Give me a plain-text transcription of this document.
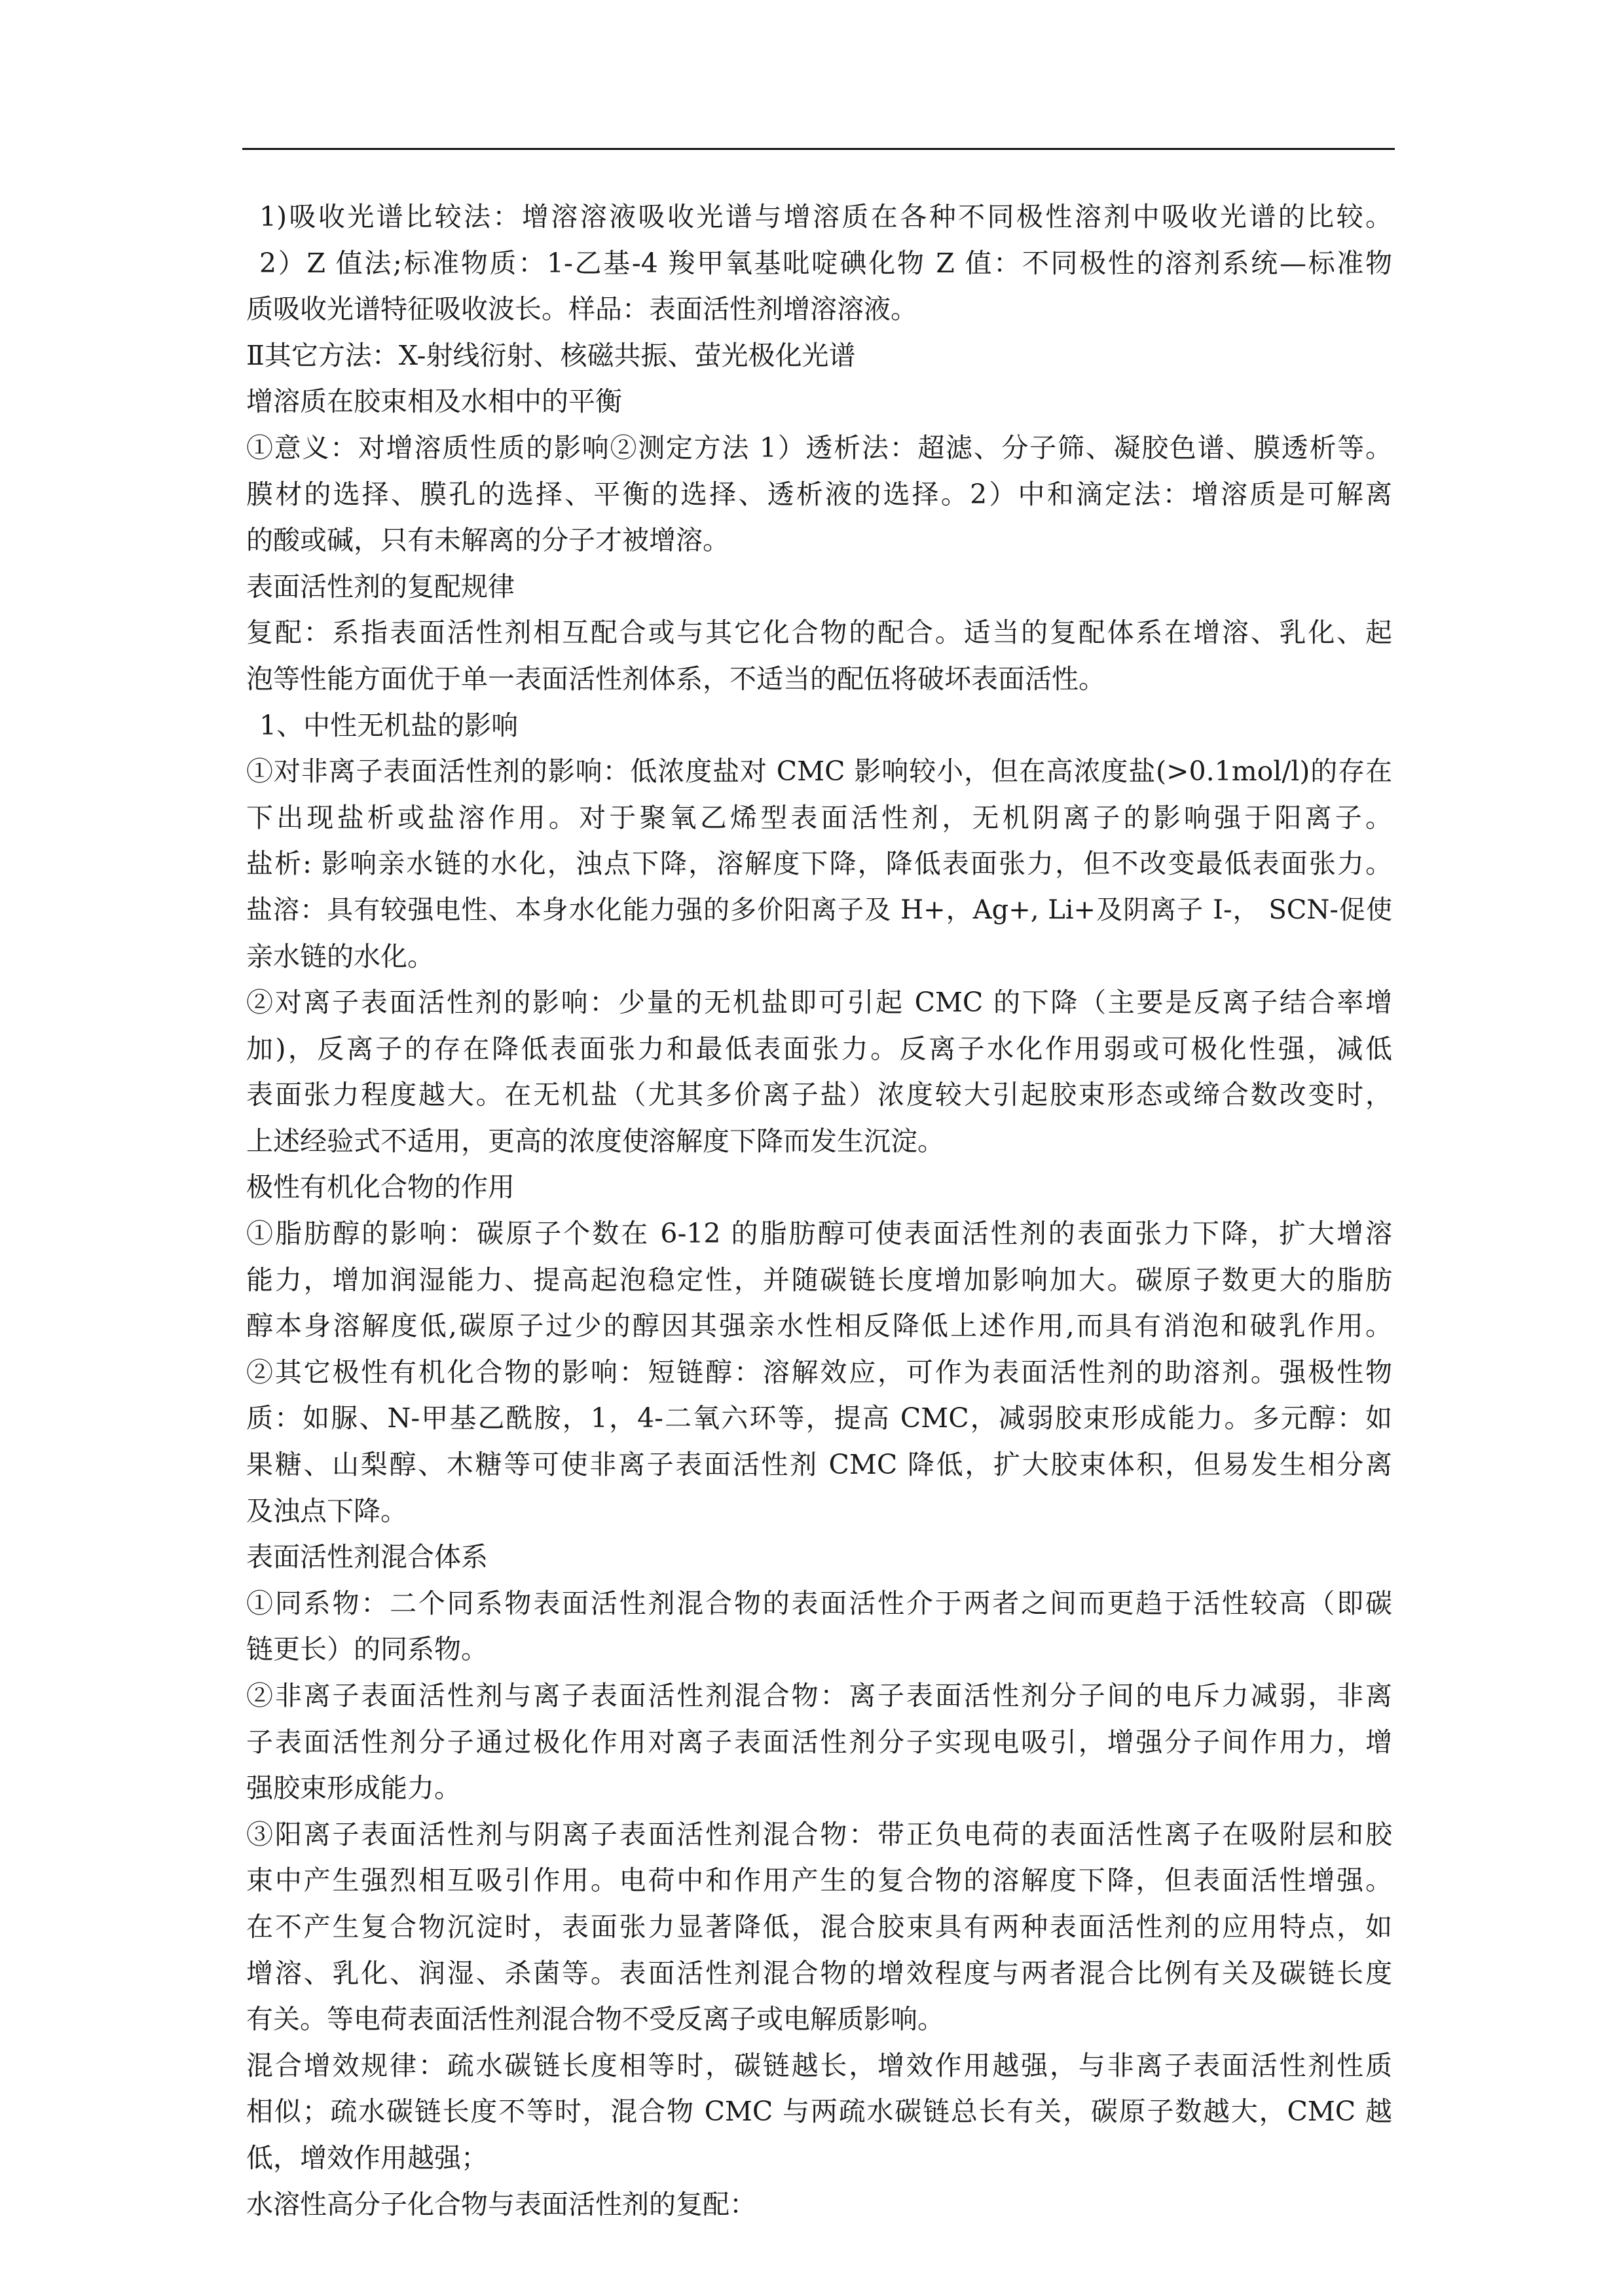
1)吸收光谱比较法：增溶溶液吸收光谱与增溶质在各种不同极性溶剂中吸收光谱的比较。
2）Z 值法;标准物质：1-乙基-4 羧甲氧基吡啶碘化物 Z 值：不同极性的溶剂系统—标准物
质吸收光谱特征吸收波长。样品：表面活性剂增溶溶液。
Ⅱ其它方法：X-射线衍射、核磁共振、萤光极化光谱
增溶质在胶束相及水相中的平衡
①意义：对增溶质性质的影响②测定方法 1）透析法：超滤、分子筛、凝胶色谱、膜透析等。
膜材的选择、膜孔的选择、平衡的选择、透析液的选择。2）中和滴定法：增溶质是可解离
的酸或碱，只有未解离的分子才被增溶。
表面活性剂的复配规律
复配：系指表面活性剂相互配合或与其它化合物的配合。适当的复配体系在增溶、乳化、起
泡等性能方面优于单一表面活性剂体系，不适当的配伍将破坏表面活性。
1、中性无机盐的影响
①对非离子表面活性剂的影响：低浓度盐对 CMC 影响较小，但在高浓度盐(>0.1mol/l)的存在
下出现盐析或盐溶作用。对于聚氧乙烯型表面活性剂，无机阴离子的影响强于阳离子。
盐析: 影响亲水链的水化，浊点下降，溶解度下降，降低表面张力，但不改变最低表面张力。
盐溶：具有较强电性、本身水化能力强的多价阳离子及 H+，Ag+, Li+及阴离子 I-， SCN-促使
亲水链的水化。
②对离子表面活性剂的影响：少量的无机盐即可引起 CMC 的下降（主要是反离子结合率增
加)，反离子的存在降低表面张力和最低表面张力。反离子水化作用弱或可极化性强，减低
表面张力程度越大。在无机盐（尤其多价离子盐）浓度较大引起胶束形态或缔合数改变时，
上述经验式不适用，更高的浓度使溶解度下降而发生沉淀。
极性有机化合物的作用
①脂肪醇的影响：碳原子个数在 6-12 的脂肪醇可使表面活性剂的表面张力下降，扩大增溶
能力，增加润湿能力、提高起泡稳定性，并随碳链长度增加影响加大。碳原子数更大的脂肪
醇本身溶解度低,碳原子过少的醇因其强亲水性相反降低上述作用,而具有消泡和破乳作用。
②其它极性有机化合物的影响：短链醇：溶解效应，可作为表面活性剂的助溶剂。强极性物
质：如脲、N-甲基乙酰胺，1，4-二氧六环等，提高 CMC，减弱胶束形成能力。多元醇：如
果糖、山梨醇、木糖等可使非离子表面活性剂 CMC 降低，扩大胶束体积，但易发生相分离
及浊点下降。
表面活性剂混合体系
①同系物：二个同系物表面活性剂混合物的表面活性介于两者之间而更趋于活性较高（即碳
链更长）的同系物。
②非离子表面活性剂与离子表面活性剂混合物：离子表面活性剂分子间的电斥力减弱，非离
子表面活性剂分子通过极化作用对离子表面活性剂分子实现电吸引，增强分子间作用力，增
强胶束形成能力。
③阳离子表面活性剂与阴离子表面活性剂混合物：带正负电荷的表面活性离子在吸附层和胶
束中产生强烈相互吸引作用。电荷中和作用产生的复合物的溶解度下降，但表面活性增强。
在不产生复合物沉淀时，表面张力显著降低，混合胶束具有两种表面活性剂的应用特点，如
增溶、乳化、润湿、杀菌等。表面活性剂混合物的增效程度与两者混合比例有关及碳链长度
有关。等电荷表面活性剂混合物不受反离子或电解质影响。
混合增效规律：疏水碳链长度相等时，碳链越长，增效作用越强，与非离子表面活性剂性质
相似；疏水碳链长度不等时，混合物 CMC 与两疏水碳链总长有关，碳原子数越大，CMC 越
低，增效作用越强；
水溶性高分子化合物与表面活性剂的复配：
